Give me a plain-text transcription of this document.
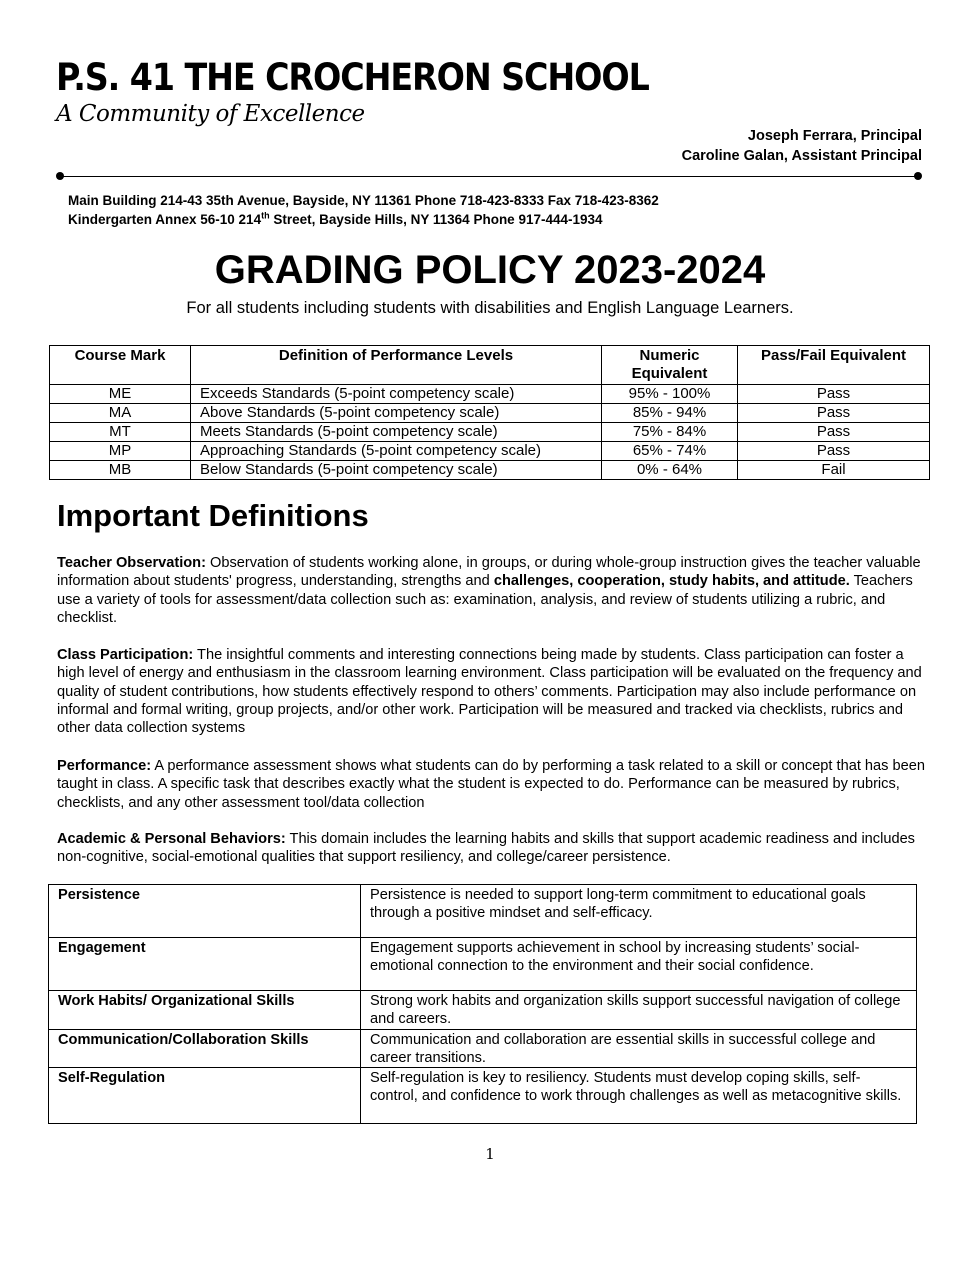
P.S. 41 THE CROCHERON SCHOOL
A Community of Excellence
Joseph Ferrara, Principal
Caroline Galan, Assistant Principal
Main Building 214-43 35th Avenue, Bayside, NY 11361 Phone 718-423-8333 Fax 718-423-8362
Kindergarten Annex 56-10 214th Street, Bayside Hills, NY 11364 Phone 917-444-1934
GRADING POLICY 2023-2024
For all students including students with disabilities and English Language Learners.
Course Mark	Definition of Performance Levels	Numeric Equivalent	Pass/Fail Equivalent
ME	Exceeds Standards (5-point competency scale)	95% - 100%	Pass
MA	Above Standards (5-point competency scale)	85% - 94%	Pass
MT	Meets Standards (5-point competency scale)	75% - 84%	Pass
MP	Approaching Standards (5-point competency scale)	65% - 74%	Pass
MB	Below Standards (5-point competency scale)	0% - 64%	Fail
Important Definitions
Teacher Observation: Observation of students working alone, in groups, or during whole-group instruction gives the teacher valuable information about students' progress, understanding, strengths and challenges, cooperation, study habits, and attitude. Teachers use a variety of tools for assessment/data collection such as: examination, analysis, and review of students utilizing a rubric, and checklist.
Class Participation: The insightful comments and interesting connections being made by students. Class participation can foster a high level of energy and enthusiasm in the classroom learning environment. Class participation will be evaluated on the frequency and quality of student contributions, how students effectively respond to others’ comments. Participation may also include performance on informal and formal writing, group projects, and/or other work. Participation will be measured and tracked via checklists, rubrics and other data collection systems
Performance: A performance assessment shows what students can do by performing a task related to a skill or concept that has been taught in class. A specific task that describes exactly what the student is expected to do. Performance can be measured by rubrics, checklists, and any other assessment tool/data collection
Academic & Personal Behaviors: This domain includes the learning habits and skills that support academic readiness and includes non-cognitive, social-emotional qualities that support resiliency, and college/career persistence.
Persistence	Persistence is needed to support long-term commitment to educational goals through a positive mindset and self-efficacy.
Engagement	Engagement supports achievement in school by increasing students’ social-emotional connection to the environment and their social confidence.
Work Habits/ Organizational Skills	Strong work habits and organization skills support successful navigation of college and careers.
Communication/Collaboration Skills	Communication and collaboration are essential skills in successful college and career transitions.
Self-Regulation	Self-regulation is key to resiliency. Students must develop coping skills, self-control, and confidence to work through challenges as well as metacognitive skills.
1
